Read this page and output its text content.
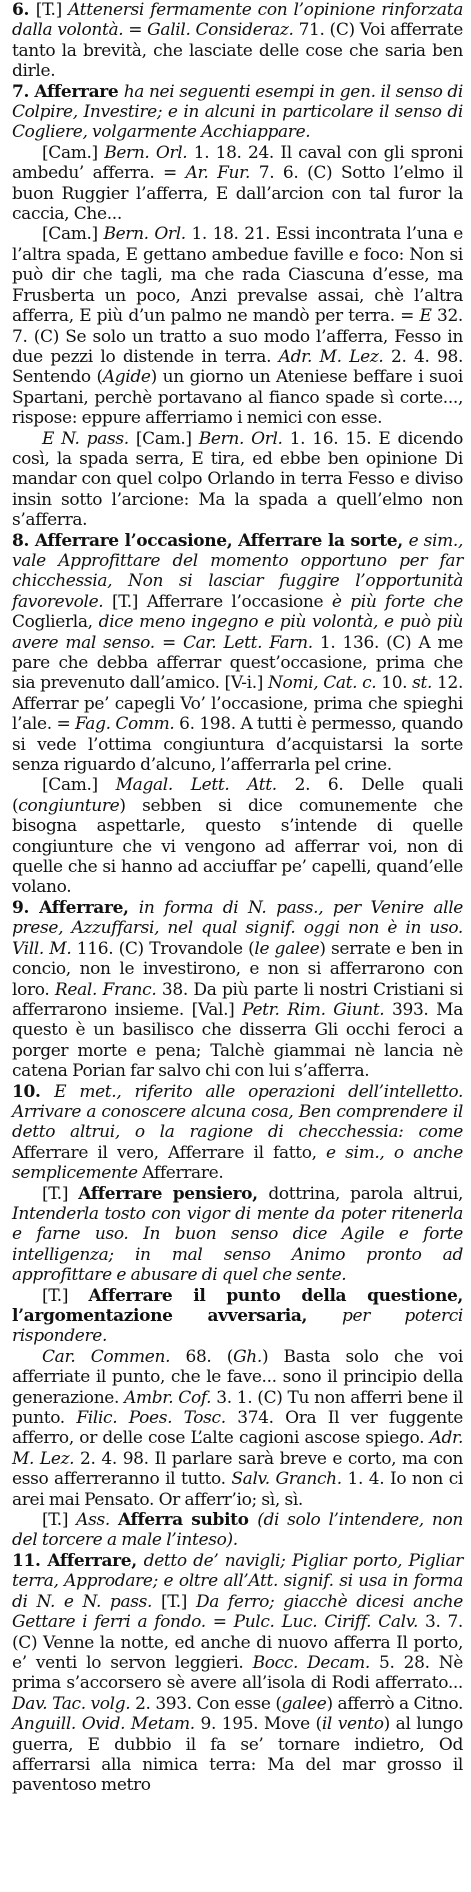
6. [T.] Attenersi fermamente con l’opinione rinforzata dalla volontà. = Galil. Consideraz. 71. (C) Voi afferrate tanto la brevità, che lasciate delle cose che saria ben dirle.

7. Afferrare ha nei seguenti esempi in gen. il senso di Colpire, Investire; e in alcuni in particolare il senso di Cogliere, volgarmente Acchiappare.

[Cam.] Bern. Orl. 1. 18. 24. Il caval con gli sproni ambedu’ afferra. = Ar. Fur. 7. 6. (C) Sotto l’elmo il buon Ruggier l’afferra, E dall’arcion con tal furor la caccia, Che...

[Cam.] Bern. Orl. 1. 18. 21. Essi incontrata l’una e l’altra spada, E gettano ambedue faville e foco: Non si può dir che tagli, ma che rada Ciascuna d’esse, ma Frusberta un poco, Anzi prevalse assai, chè l’altra afferra, E più d’un palmo ne mandò per terra. = E 32. 7. (C) Se solo un tratto a suo modo l’afferra, Fesso in due pezzi lo distende in terra. Adr. M. Lez. 2. 4. 98. Sentendo (Agide) un giorno un Ateniese beffare i suoi Spartani, perchè portavano al fianco spade sì corte..., rispose: eppure afferriamo i nemici con esse.

E N. pass. [Cam.] Bern. Orl. 1. 16. 15. E dicendo così, la spada serra, E tira, ed ebbe ben opinione Di mandar con quel colpo Orlando in terra Fesso e diviso insin sotto l’arcione: Ma la spada a quell’elmo non s’afferra.

8. Afferrare l’occasione, Afferrare la sorte, e sim., vale Approfittare del momento opportuno per far chicchessia, Non si lasciar fuggire l’opportunità favorevole. [T.] Afferrare l’occasione è più forte che Coglierla, dice meno ingegno e più volontà, e può più avere mal senso. = Car. Lett. Farn. 1. 136. (C) A me pare che debba afferrar quest’occasione, prima che sia prevenuto dall’amico. [V-i.] Nomi, Cat. c. 10. st. 12. Afferrar pe’ capegli Vo’ l’occasione, prima che spieghi l’ale. = Fag. Comm. 6. 198. A tutti è permesso, quando si vede l’ottima congiuntura d’acquistarsi la sorte senza riguardo d’alcuno, l’afferrarla pel crine.

[Cam.] Magal. Lett. Att. 2. 6. Delle quali (congiunture) sebben si dice comunemente che bisogna aspettarle, questo s’intende di quelle congiunture che vi vengono ad afferrar voi, non di quelle che si hanno ad acciuffar pe’ capelli, quand’elle volano.

9. Afferrare, in forma di N. pass., per Venire alle prese, Azzuffarsi, nel qual signif. oggi non è in uso. Vill. M. 116. (C) Trovandole (le galee) serrate e ben in concio, non le investirono, e non si afferrarono con loro. Real. Franc. 38. Da più parte li nostri Cristiani si afferrarono insieme. [Val.] Petr. Rim. Giunt. 393. Ma questo è un basilisco che disserra Gli occhi feroci a porger morte e pena; Talchè giammai nè lancia nè catena Porian far salvo chi con lui s’afferra.

10. E met., riferito alle operazioni dell’intelletto. Arrivare a conoscere alcuna cosa, Ben comprendere il detto altrui, o la ragione di checchessia: come Afferrare il vero, Afferrare il fatto, e sim., o anche semplicemente Afferrare.

[T.] Afferrare pensiero, dottrina, parola altrui, Intenderla tosto con vigor di mente da poter ritenerla e farne uso. In buon senso dice Agile e forte intelligenza; in mal senso Animo pronto ad approfittare e abusare di quel che sente.

[T.] Afferrare il punto della questione, l’argomentazione avversaria, per poterci rispondere.

Car. Commen. 68. (Gh.) Basta solo che voi afferriate il punto, che le fave... sono il principio della generazione. Ambr. Cof. 3. 1. (C) Tu non afferri bene il punto. Filic. Poes. Tosc. 374. Ora Il ver fuggente afferro, or delle cose L’alte cagioni ascose spiego. Adr. M. Lez. 2. 4. 98. Il parlare sarà breve e corto, ma con esso afferreranno il tutto. Salv. Granch. 1. 4. Io non ci arei mai Pensato. Or afferr’io; sì, sì.

[T.] Ass. Afferra subito (di solo l’intendere, non del torcere a male l’inteso).

11. Afferrare, detto de’ navigli; Pigliar porto, Pigliar terra, Approdare; e oltre all’Att. signif. si usa in forma di N. e N. pass. [T.] Da ferro; giacchè dicesi anche Gettare i ferri a fondo. = Pulc. Luc. Ciriff. Calv. 3. 7. (C) Venne la notte, ed anche di nuovo afferra Il porto, e’ venti lo servon leggieri. Bocc. Decam. 5. 28. Nè prima s’accorsero sè avere all’isola di Rodi afferrato... Dav. Tac. volg. 2. 393. Con esse (galee) afferrò a Citno. Anguill. Ovid. Metam. 9. 195. Move (il vento) al lungo guerra, E dubbio il fa se’ tornare indietro, Od afferrarsi alla nimica terra: Ma del mar grosso il paventoso metro
